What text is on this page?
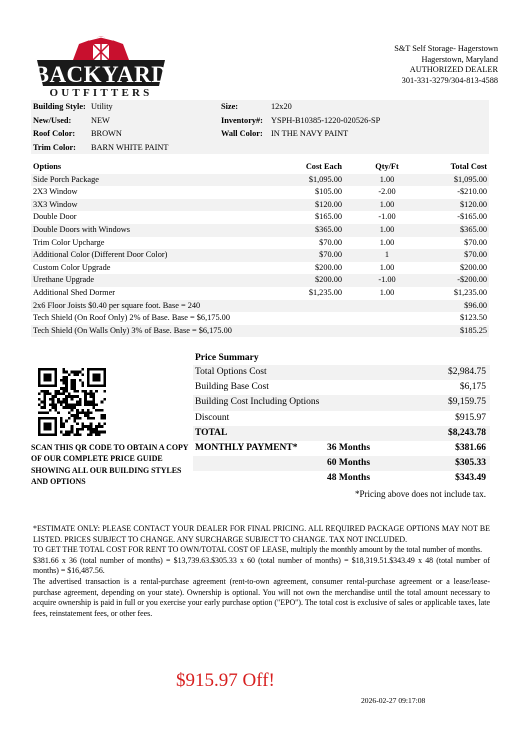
BACKYARD
OUTFITTERS
S&T Self Storage- Hagerstown
Hagerstown, Maryland
AUTHORIZED DEALER
301-331-3279/304-813-4588
Building Style: Utility	Size:	12x20
New/Used: NEW	Inventory#: YSPH-B10385-1220-020526-SP
Roof Color: BROWN	Wall Color: IN THE NAVY PAINT
Trim Color: BARN WHITE PAINT
Options	Cost Each	Qty/Ft	Total Cost
Side Porch Package	$1,095.00	1.00	$1,095.00
2X3 Window	$105.00	-2.00	-$210.00
3X3 Window	$120.00	1.00	$120.00
Double Door	$165.00	-1.00	-$165.00
Double Doors with Windows	$365.00	1.00	$365.00
Trim Color Upcharge	$70.00	1.00	$70.00
Additional Color (Different Door Color)	$70.00	1	$70.00
Custom Color Upgrade	$200.00	1.00	$200.00
Urethane Upgrade	$200.00	-1.00	-$200.00
Additional Shed Dormer	$1,235.00	1.00	$1,235.00
2x6 Floor Joists $0.40 per square foot. Base = 240	$96.00
Tech Shield (On Roof Only) 2% of Base. Base = $6,175.00	$123.50
Tech Shield (On Walls Only) 3% of Base. Base = $6,175.00	$185.25
SCAN THIS QR CODE TO OBTAIN A COPY OF OUR COMPLETE PRICE GUIDE SHOWING ALL OUR BUILDING STYLES AND OPTIONS
Price Summary
Total Options Cost	$2,984.75
Building Base Cost	$6,175
Building Cost Including Options	$9,159.75
Discount	$915.97
TOTAL	$8,243.78
MONTHLY PAYMENT*	36 Months	$381.66
60 Months	$305.33
48 Months	$343.49
*Pricing above does not include tax.

*ESTIMATE ONLY: PLEASE CONTACT YOUR DEALER FOR FINAL PRICING. ALL REQUIRED PACKAGE OPTIONS MAY NOT BE LISTED. PRICES SUBJECT TO CHANGE. ANY SURCHARGE SUBJECT TO CHANGE. TAX NOT INCLUDED.

TO GET THE TOTAL COST FOR RENT TO OWN/TOTAL COST OF LEASE, multiply the monthly amount by the total number of months.

$381.66 x 36 (total number of months) = $13,739.63.$305.33 x 60 (total number of months) = $18,319.51.$343.49 x 48 (total number of months) = $16,487.56.

The advertised transaction is a rental-purchase agreement (rent-to-own agreement, consumer rental-purchase agreement or a lease/lease-purchase agreement, depending on your state). Ownership is optional. You will not own the merchandise until the total amount necessary to acquire ownership is paid in full or you exercise your early purchase option ("EPO"). The total cost is exclusive of sales or applicable taxes, late fees, reinstatement fees, or other fees.

$915.97 Off!
2026-02-27 09:17:08
